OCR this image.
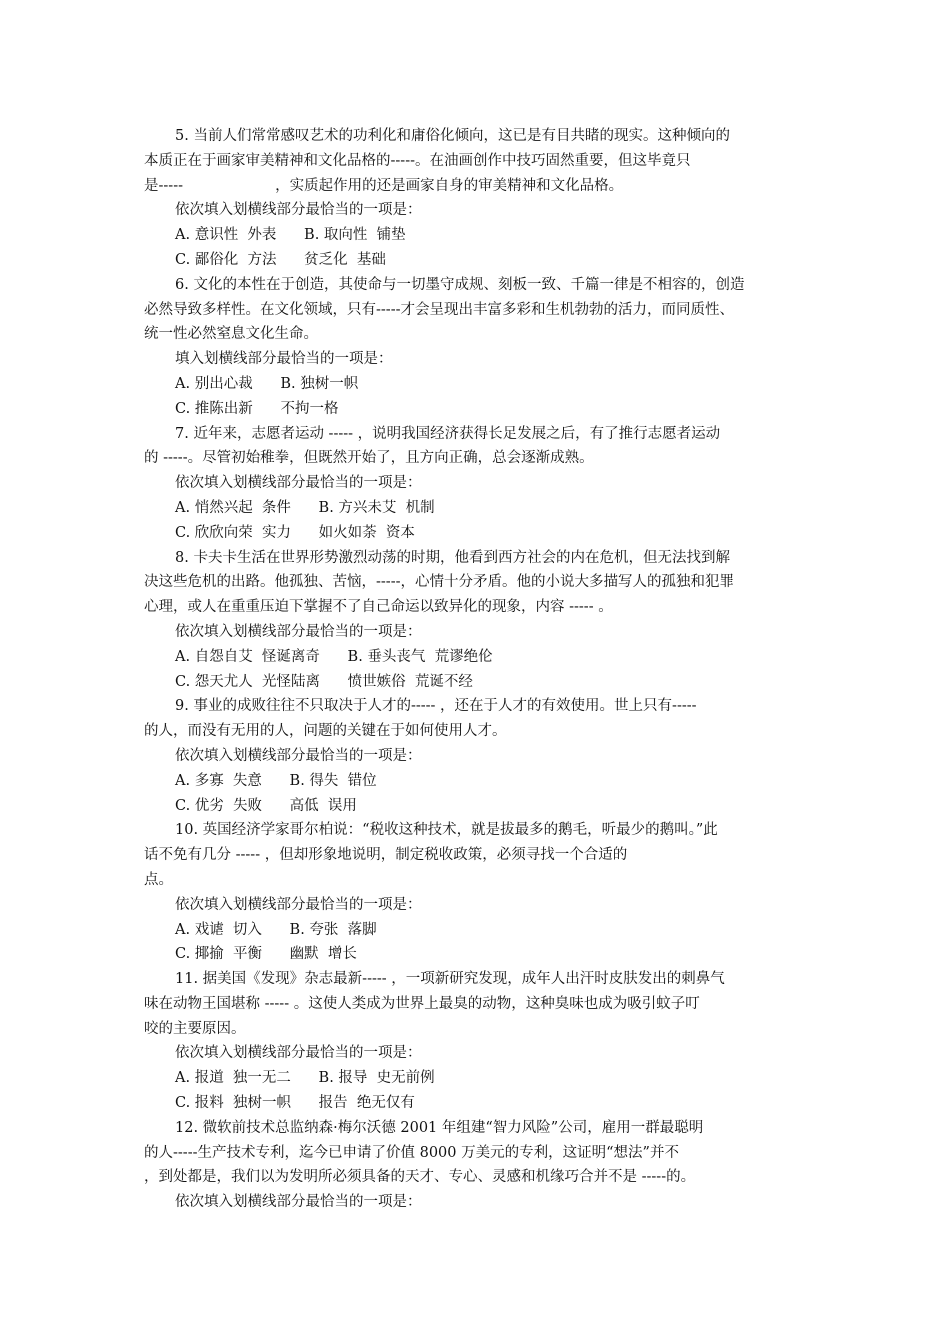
5. 当前人们常常感叹艺术的功利化和庸俗化倾向，这已是有目共睹的现实。这种倾向的
本质正在于画家审美精神和文化品格的-----。在油画创作中技巧固然重要，但这毕竟只
是-----                    ，实质起作用的还是画家自身的审美精神和文化品格。
依次填入划横线部分最恰当的一项是：
A. 意识性  外表      B. 取向性  铺垫
C. 鄙俗化  方法      贫乏化  基础
6. 文化的本性在于创造，其使命与一切墨守成规、刻板一致、千篇一律是不相容的，创造
必然导致多样性。在文化领域，只有-----才会呈现出丰富多彩和生机勃勃的活力，而同质性、
统一性必然窒息文化生命。
填入划横线部分最恰当的一项是：
A. 别出心裁      B. 独树一帜
C. 推陈出新      不拘一格
7. 近年来，志愿者运动 ----- ，说明我国经济获得长足发展之后，有了推行志愿者运动
的 -----。尽管初始稚拳，但既然开始了，且方向正确，总会逐渐成熟。
依次填入划横线部分最恰当的一项是：
A. 悄然兴起  条件      B. 方兴未艾  机制
C. 欣欣向荣  实力      如火如荼  资本
8. 卡夫卡生活在世界形势激烈动荡的时期，他看到西方社会的内在危机，但无法找到解
决这些危机的出路。他孤独、苦恼，-----，心情十分矛盾。他的小说大多描写人的孤独和犯罪
心理，或人在重重压迫下掌握不了自己命运以致异化的现象，内容 ----- 。
依次填入划横线部分最恰当的一项是：
A. 自怨自艾  怪诞离奇      B. 垂头丧气  荒谬绝伦
C. 怨天尤人  光怪陆离      愤世嫉俗  荒诞不经
9. 事业的成败往往不只取决于人才的----- ，还在于人才的有效使用。世上只有-----
的人，而没有无用的人，问题的关键在于如何使用人才。
依次填入划横线部分最恰当的一项是：
A. 多寡  失意      B. 得失  错位
C. 优劣  失败      高低  误用
10. 英国经济学家哥尔柏说：“税收这种技术，就是拔最多的鹅毛，听最少的鹅叫。”此
话不免有几分 ----- ，但却形象地说明，制定税收政策，必须寻找一个合适的
点。
依次填入划横线部分最恰当的一项是：
A. 戏谑  切入      B. 夸张  落脚
C. 揶揄  平衡      幽默  增长
11. 据美国《发现》杂志最新----- ，一项新研究发现，成年人出汗时皮肤发出的刺鼻气
味在动物王国堪称 ----- 。这使人类成为世界上最臭的动物，这种臭味也成为吸引蚊子叮
咬的主要原因。
依次填入划横线部分最恰当的一项是：
A. 报道  独一无二      B. 报导  史无前例
C. 报料  独树一帜      报告  绝无仅有
12. 微软前技术总监纳森·梅尔沃德 2001 年组建“智力风险”公司，雇用一群最聪明
的人-----生产技术专利，迄今已申请了价值 8000 万美元的专利，这证明“想法”并不
，到处都是，我们以为发明所必须具备的天才、专心、灵感和机缘巧合并不是 -----的。
依次填入划横线部分最恰当的一项是：
